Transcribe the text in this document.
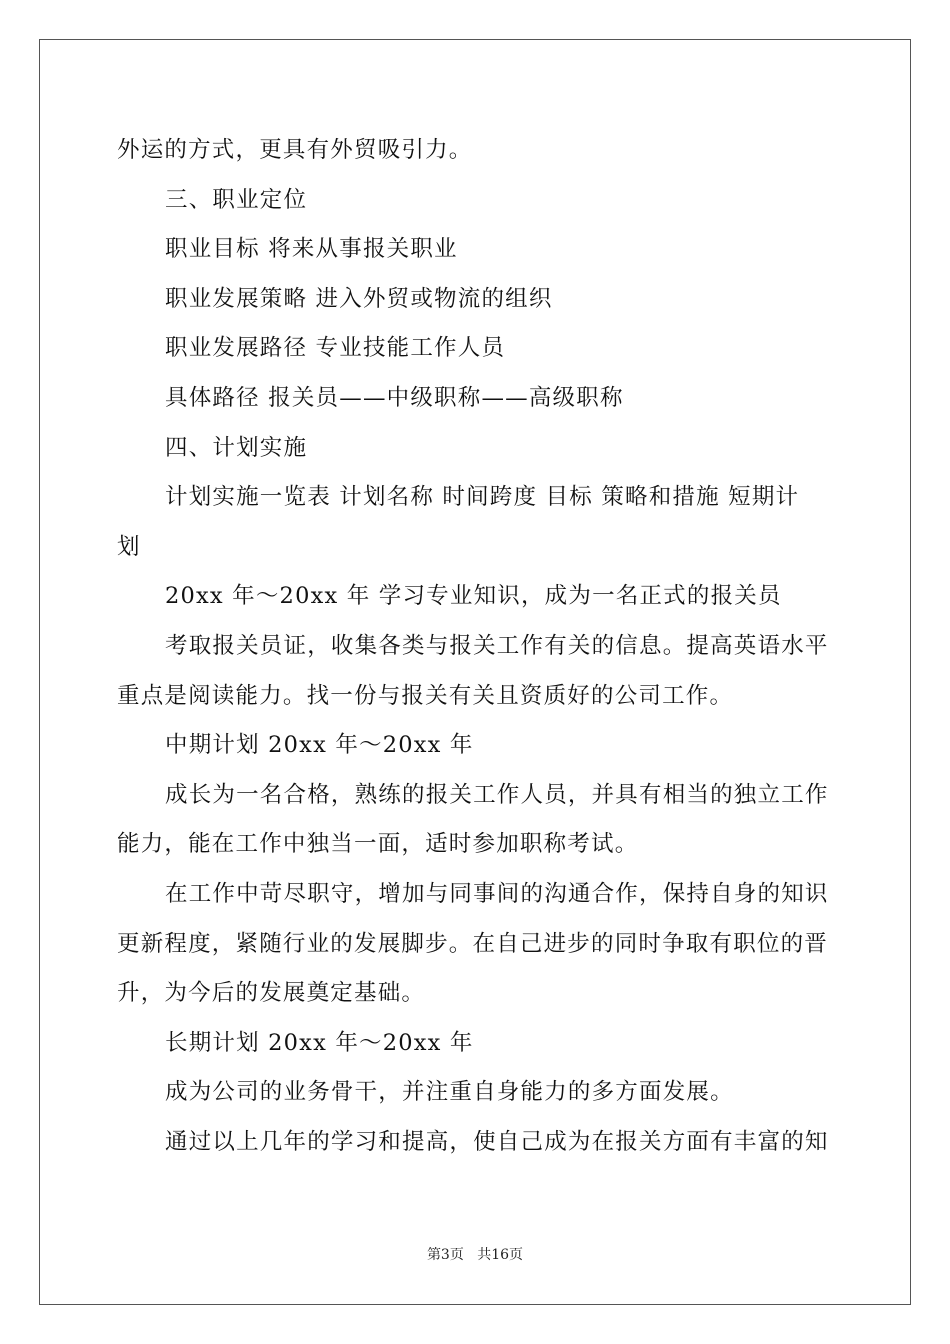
外运的方式，更具有外贸吸引力。
三、职业定位
职业目标 将来从事报关职业
职业发展策略 进入外贸或物流的组织
职业发展路径 专业技能工作人员
具体路径 报关员——中级职称——高级职称
四、计划实施
计划实施一览表 计划名称 时间跨度 目标 策略和措施 短期计
划
20xx 年～20xx 年 学习专业知识，成为一名正式的报关员
考取报关员证，收集各类与报关工作有关的信息。提高英语水平
重点是阅读能力。找一份与报关有关且资质好的公司工作。
中期计划 20xx 年～20xx 年
成长为一名合格，熟练的报关工作人员，并具有相当的独立工作
能力，能在工作中独当一面，适时参加职称考试。
在工作中苛尽职守，增加与同事间的沟通合作，保持自身的知识
更新程度，紧随行业的发展脚步。在自己进步的同时争取有职位的晋
升，为今后的发展奠定基础。
长期计划 20xx 年～20xx 年
成为公司的业务骨干，并注重自身能力的多方面发展。
通过以上几年的学习和提高，使自己成为在报关方面有丰富的知
第3页 共16页
